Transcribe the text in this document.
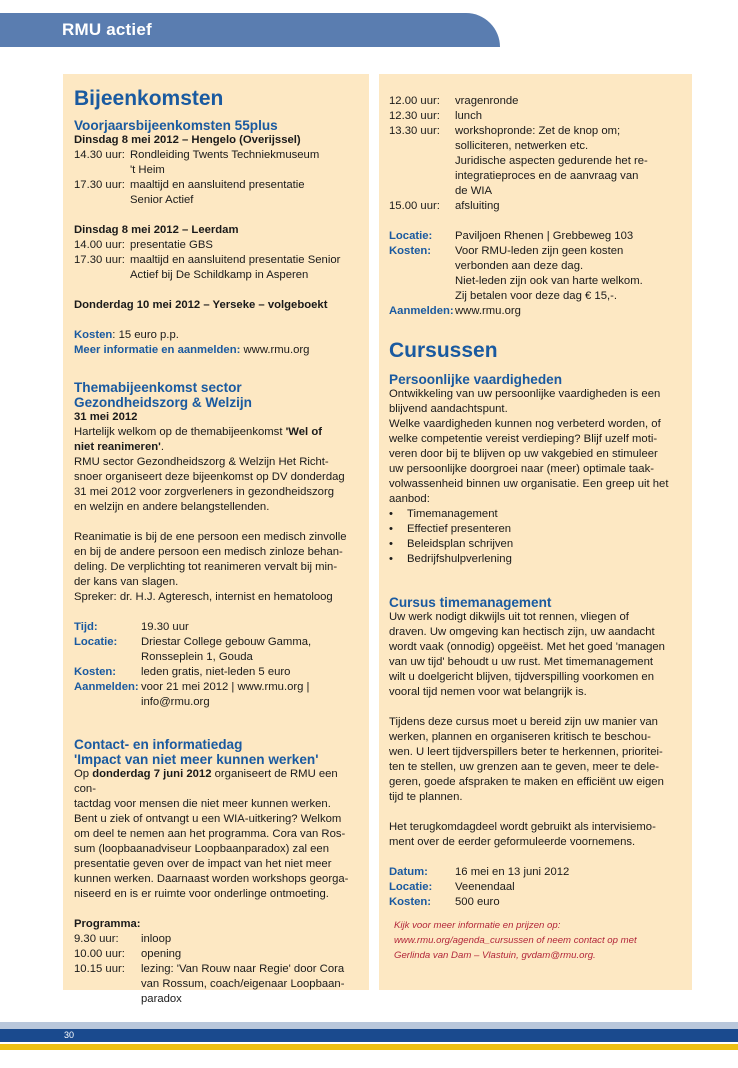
RMU actief
Bijeenkomsten
Voorjaarsbijeenkomsten 55plus

Dinsdag 8 mei 2012 – Hengelo (Overijssel)

14.30 uur: Rondleiding Twents Techniekmuseum
't Heim
17.30 uur: maaltijd en aansluitend presentatie
Senior Actief

Dinsdag 8 mei 2012 – Leerdam

14.00 uur: presentatie GBS
17.30 uur: maaltijd en aansluitend presentatie Senior
Actief bij De Schildkamp in Asperen

Donderdag 10 mei 2012 – Yerseke – volgeboekt

Kosten: 15 euro p.p.

Meer informatie en aanmelden: www.rmu.org

Themabijeenkomst sector
Gezondheidszorg & Welzijn

31 mei 2012

Hartelijk welkom op de themabijeenkomst 'Wel of

niet reanimeren'.

RMU sector Gezondheidszorg & Welzijn Het Richt-

snoer organiseert deze bijeenkomst op DV donderdag

31 mei 2012 voor zorgverleners in gezondheidszorg

en welzijn en andere belangstellenden.

Reanimatie is bij de ene persoon een medisch zinvolle

en bij de andere persoon een medisch zinloze behan-

deling. De verplichting tot reanimeren vervalt bij min-

der kans van slagen.

Spreker: dr. H.J. Agteresch, internist en hematoloog

Tijd:	19.30 uur
Locatie:	Driestar College gebouw Gamma,
Ronsseplein 1, Gouda
Kosten:	leden gratis, niet-leden 5 euro
Aanmelden: voor 21 mei 2012 | www.rmu.org |
info@rmu.org
Contact- en informatiedag
'Impact van niet meer kunnen werken'

Op donderdag 7 juni 2012 organiseert de RMU een con-

tactdag voor mensen die niet meer kunnen werken.

Bent u ziek of ontvangt u een WIA-uitkering? Welkom

om deel te nemen aan het programma. Cora van Ros-

sum (loopbaanadviseur Loopbaanparadox) zal een

presentatie geven over de impact van het niet meer

kunnen werken. Daarnaast worden workshops georga-

niseerd en is er ruimte voor onderlinge ontmoeting.

Programma:

9.30 uur:	inloop
10.00 uur:	opening
10.15 uur:	lezing: 'Van Rouw naar Regie' door Cora
van Rossum, coach/eigenaar Loopbaan-
paradox
12.00 uur:	vragenronde
12.30 uur:	lunch
13.30 uur:	workshopronde: Zet de knop om;
solliciteren, netwerken etc.
Juridische aspecten gedurende het re-
integratieproces en de aanvraag van
de WIA
15.00 uur:	afsluiting
Locatie:	Paviljoen Rhenen | Grebbeweg 103
Kosten:	Voor RMU-leden zijn geen kosten
verbonden aan deze dag.
Niet-leden zijn ook van harte welkom.
Zij betalen voor deze dag € 15,-.
Aanmelden: www.rmu.org
Cursussen
Persoonlijke vaardigheden

Ontwikkeling van uw persoonlijke vaardigheden is een

blijvend aandachtspunt.

Welke vaardigheden kunnen nog verbeterd worden, of

welke competentie vereist verdieping? Blijf uzelf moti-

veren door bij te blijven op uw vakgebied en stimuleer

uw persoonlijke doorgroei naar (meer) optimale taak-

volwassenheid binnen uw organisatie. Een greep uit het

aanbod:

• Timemanagement
• Effectief presenteren
• Beleidsplan schrijven
• Bedrijfshulpverlening
Cursus timemanagement

Uw werk nodigt dikwijls uit tot rennen, vliegen of

draven. Uw omgeving kan hectisch zijn, uw aandacht

wordt vaak (onnodig) opgeëist. Met het goed 'managen

van uw tijd' behoudt u uw rust. Met timemanagement

wilt u doelgericht blijven, tijdverspilling voorkomen en

vooral tijd nemen voor wat belangrijk is.

Tijdens deze cursus moet u bereid zijn uw manier van

werken, plannen en organiseren kritisch te beschou-

wen. U leert tijdverspillers beter te herkennen, prioritei-

ten te stellen, uw grenzen aan te geven, meer te dele-

geren, goede afspraken te maken en efficiënt uw eigen

tijd te plannen.

Het terugkomdagdeel wordt gebruikt als intervisiemo-

ment over de eerder geformuleerde voornemens.

Datum:	16 mei en 13 juni 2012
Locatie:	Veenendaal
Kosten:	500 euro
Kijk voor meer informatie en prijzen op:
www.rmu.org/agenda_cursussen of neem contact op met
Gerlinda van Dam – Vlastuin, gvdam@rmu.org.
30
